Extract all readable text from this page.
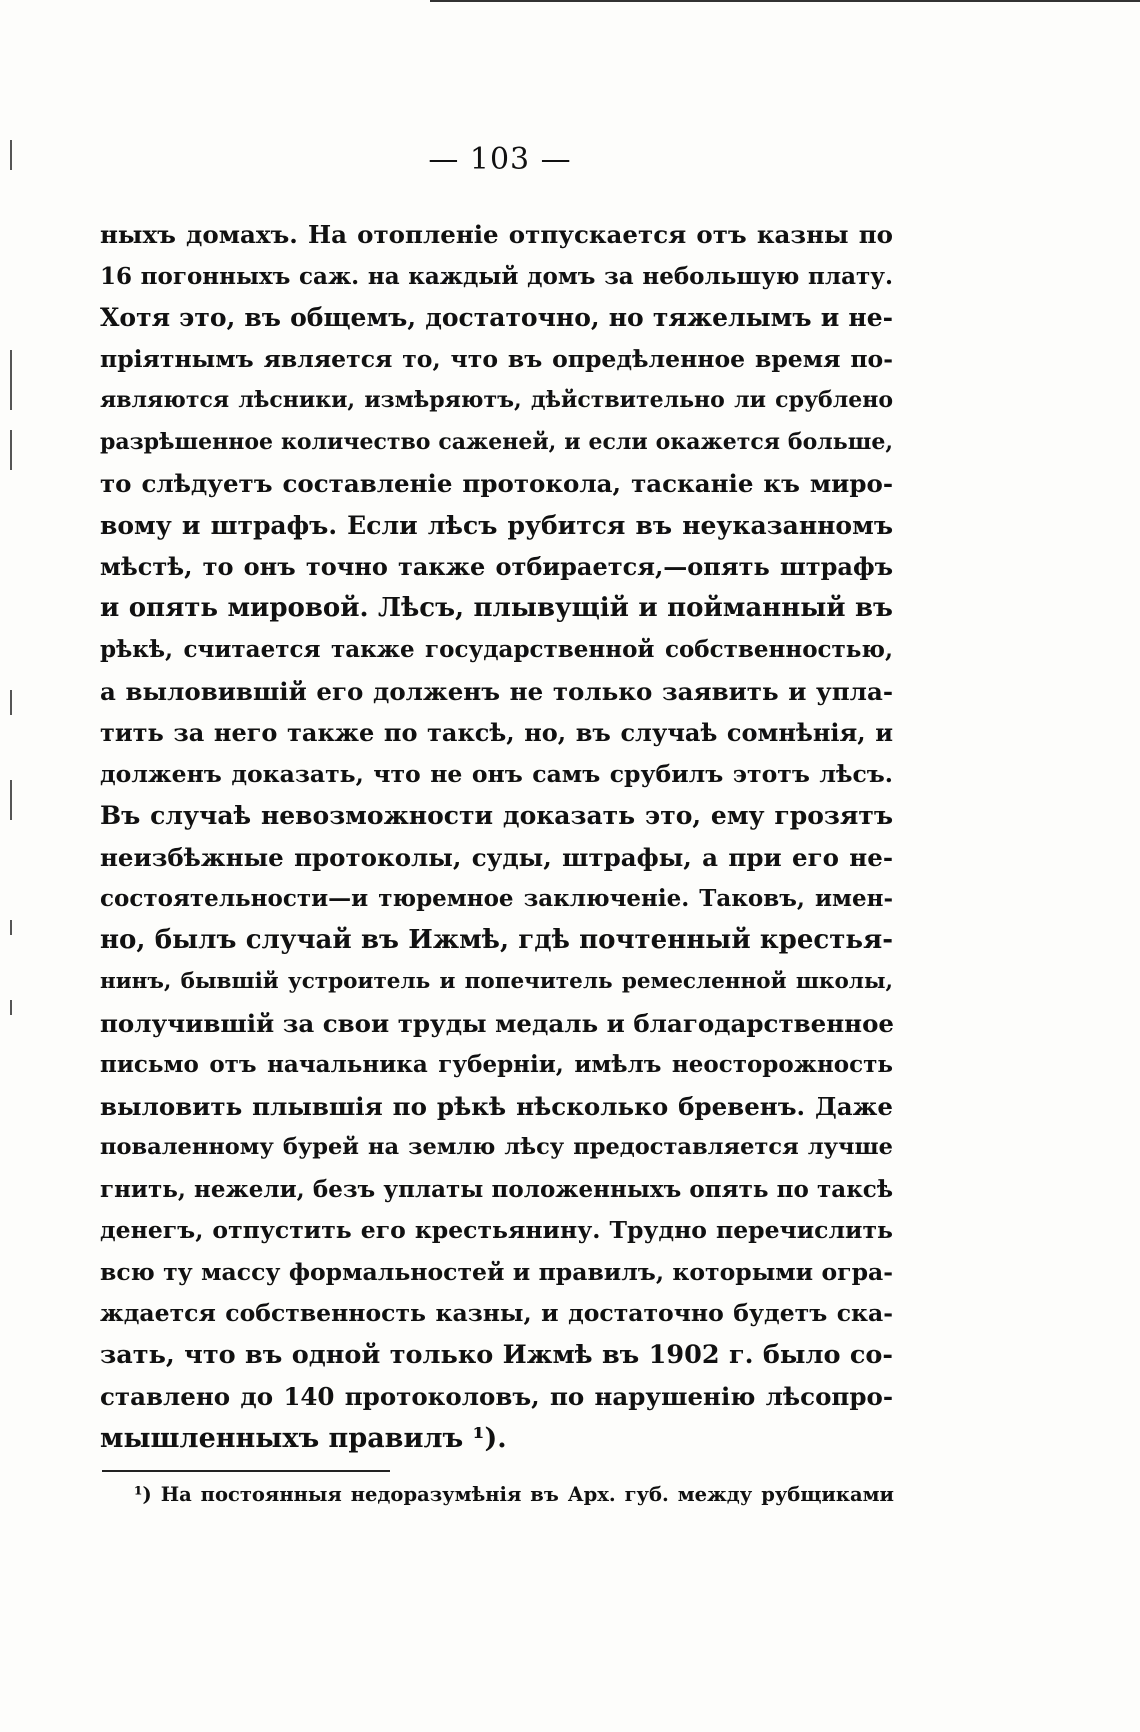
— 103 —
ныхъ домахъ. На отопленіе отпускается отъ казны по
16 погонныхъ саж. на каждый домъ за небольшую плату.
Хотя это, въ общемъ, достаточно, но тяжелымъ и не-
пріятнымъ является то, что въ опредѣленное время по-
являются лѣсники, измѣряютъ, дѣйствительно ли срублено
разрѣшенное количество саженей, и если окажется больше,
то слѣдуетъ составленіе протокола, тасканіе къ миро-
вому и штрафъ. Если лѣсъ рубится въ неуказанномъ
мѣстѣ, то онъ точно также отбирается,—опять штрафъ
и опять мировой. Лѣсъ, плывущій и пойманный въ
рѣкѣ, считается также государственной собственностью,
а выловившій его долженъ не только заявить и упла-
тить за него также по таксѣ, но, въ случаѣ сомнѣнія, и
долженъ доказать, что не онъ самъ срубилъ этотъ лѣсъ.
Въ случаѣ невозможности доказать это, ему грозятъ
неизбѣжные протоколы, суды, штрафы, а при его не-
состоятельности—и тюремное заключеніе. Таковъ, имен-
но, былъ случай въ Ижмѣ, гдѣ почтенный крестья-
нинъ, бывшій устроитель и попечитель ремесленной школы,
получившій за свои труды медаль и благодарственное
письмо отъ начальника губерніи, имѣлъ неосторожность
выловить плывшія по рѣкѣ нѣсколько бревенъ. Даже
поваленному бурей на землю лѣсу предоставляется лучше
гнить, нежели, безъ уплаты положенныхъ опять по таксѣ
денегъ, отпустить его крестьянину. Трудно перечислить
всю ту массу формальностей и правилъ, которыми огра-
ждается собственность казны, и достаточно будетъ ска-
зать, что въ одной только Ижмѣ въ 1902 г. было со-
ставлено до 140 протоколовъ, по нарушенію лѣсопро-
мышленныхъ правилъ ¹).
¹) На постоянныя недоразумѣнія въ Арх. губ. между рубщиками
